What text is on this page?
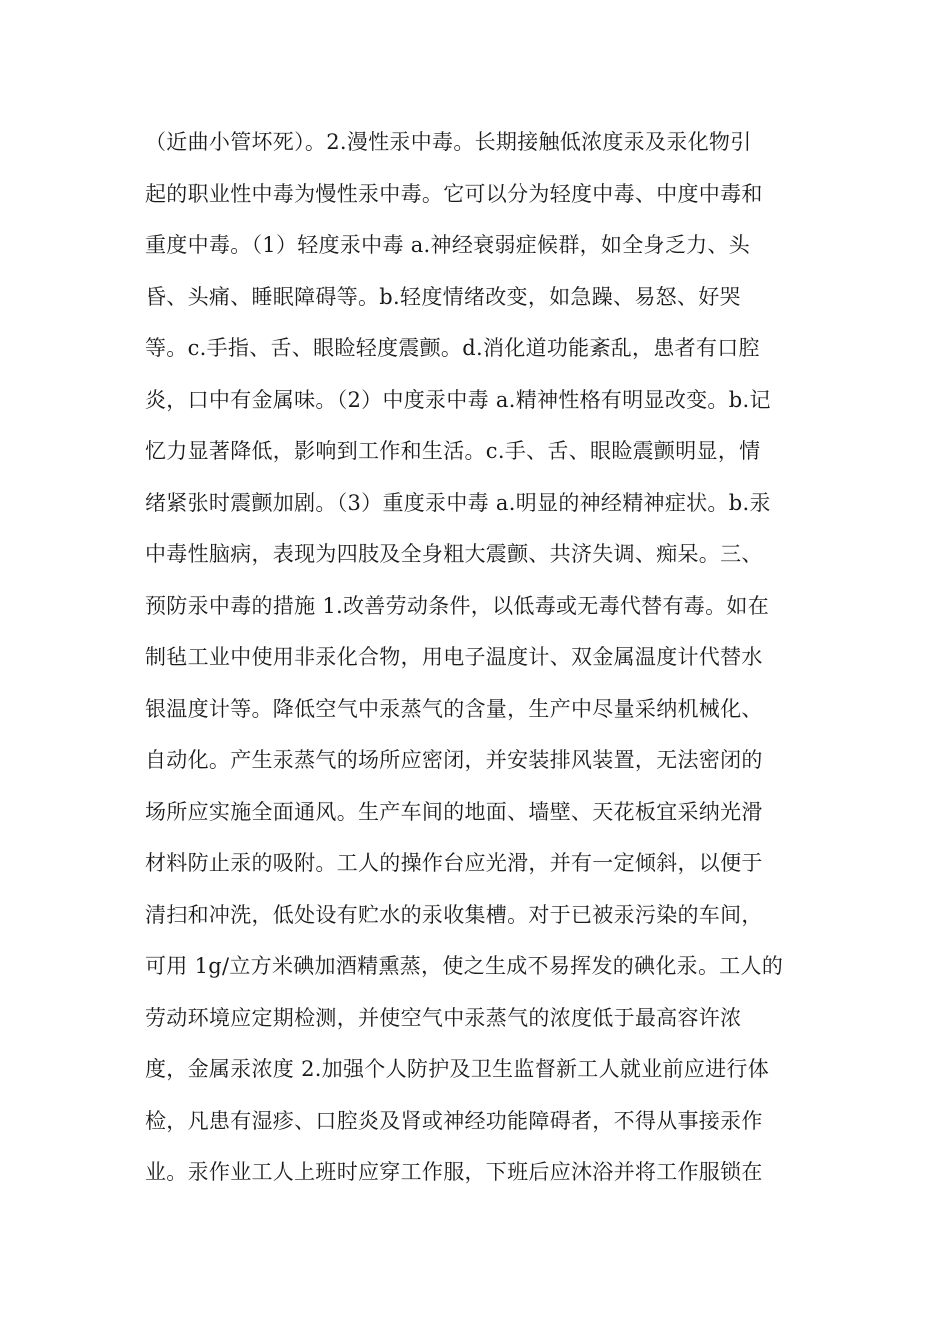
（近曲小管坏死）。2.漫性汞中毒。长期接触低浓度汞及汞化物引
起的职业性中毒为慢性汞中毒。它可以分为轻度中毒、中度中毒和
重度中毒。（1）轻度汞中毒 a.神经衰弱症候群，如全身乏力、头
昏、头痛、睡眠障碍等。b.轻度情绪改变，如急躁、易怒、好哭
等。c.手指、舌、眼睑轻度震颤。d.消化道功能紊乱，患者有口腔
炎，口中有金属味。（2）中度汞中毒 a.精神性格有明显改变。b.记
忆力显著降低，影响到工作和生活。c.手、舌、眼睑震颤明显，情
绪紧张时震颤加剧。（3）重度汞中毒 a.明显的神经精神症状。b.汞
中毒性脑病，表现为四肢及全身粗大震颤、共济失调、痴呆。三、
预防汞中毒的措施 1.改善劳动条件，以低毒或无毒代替有毒。如在
制毡工业中使用非汞化合物，用电子温度计、双金属温度计代替水
银温度计等。降低空气中汞蒸气的含量，生产中尽量采纳机械化、
自动化。产生汞蒸气的场所应密闭，并安装排风装置，无法密闭的
场所应实施全面通风。生产车间的地面、墙壁、天花板宜采纳光滑
材料防止汞的吸附。工人的操作台应光滑，并有一定倾斜，以便于
清扫和冲洗，低处设有贮水的汞收集槽。对于已被汞污染的车间，
可用 1g/立方米碘加酒精熏蒸，使之生成不易挥发的碘化汞。工人的
劳动环境应定期检测，并使空气中汞蒸气的浓度低于最高容许浓
度，金属汞浓度 2.加强个人防护及卫生监督新工人就业前应进行体
检，凡患有湿疹、口腔炎及肾或神经功能障碍者，不得从事接汞作
业。汞作业工人上班时应穿工作服，下班后应沐浴并将工作服锁在
